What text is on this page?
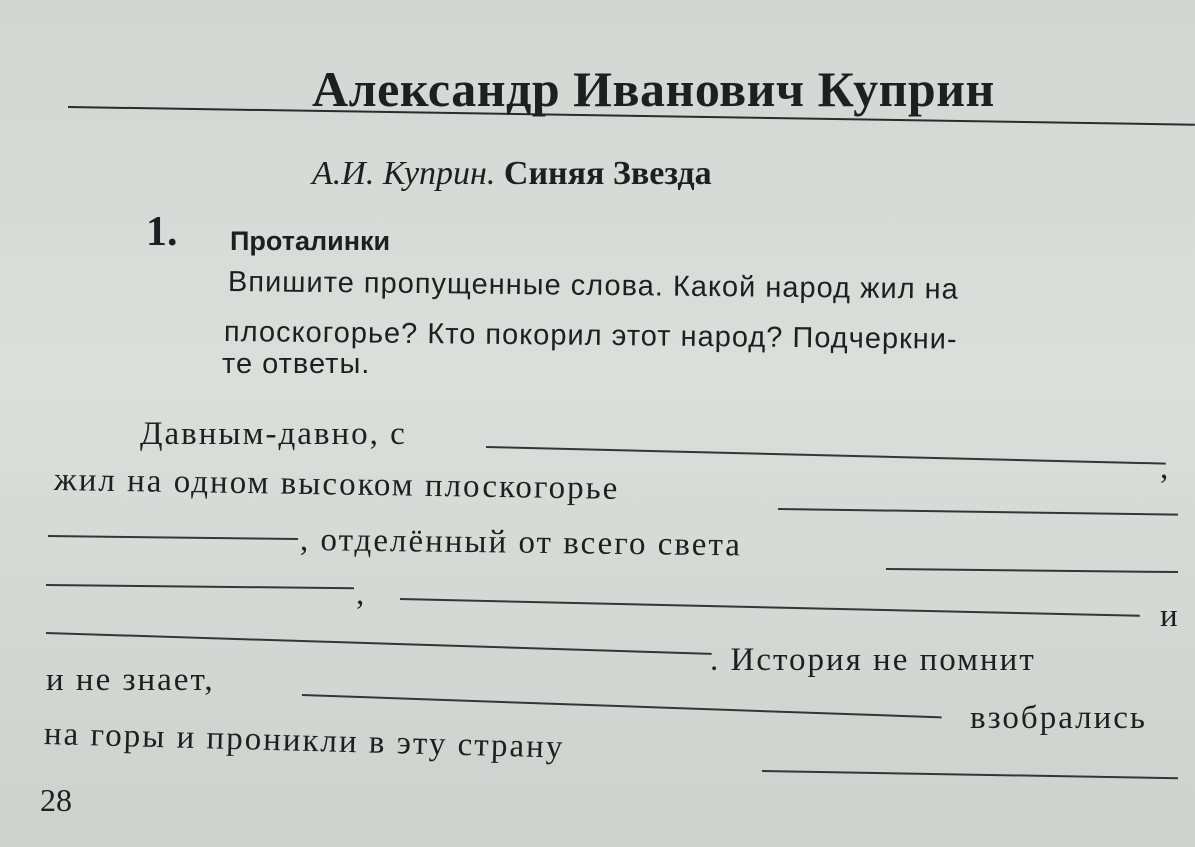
Александр Иванович Куприн
А.И. Куприн. Синяя Звезда
1. Проталинки
Впишите пропущенные слова. Какой народ жил на
плоскогорье? Кто покорил этот народ? Подчеркни-
те ответы.
Давным-давно, с
,
жил на одном высоком плоскогорье
, отделённый от всего света
,
и
. История не помнит
и не знает,
взобрались
на горы и проникли в эту страну
28
